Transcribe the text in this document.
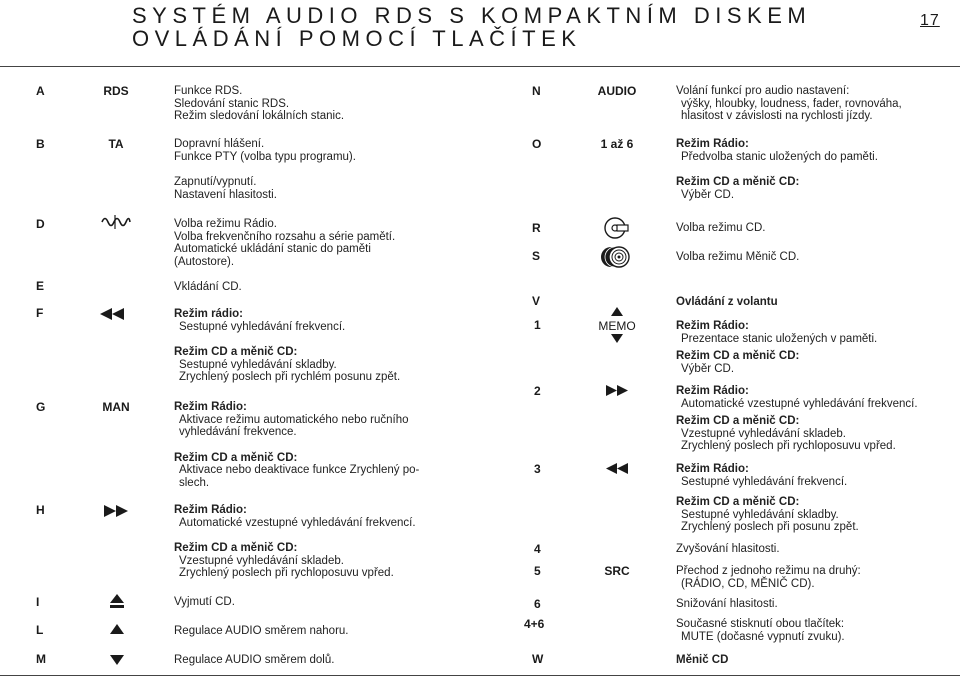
SYSTÉM AUDIO RDS S KOMPAKTNÍM DISKEM
OVLÁDÁNÍ POMOCÍ TLAČÍTEK
17
A	RDS	Funkce RDS.
Sledování stanic RDS.
Režim sledování lokálních stanic.
B	TA	Dopravní hlášení.
Funkce PTY (volba typu programu).
Zapnutí/vypnutí.
Nastavení hlasitosti.
D	Volba režimu Rádio.
Volba frekvenčního rozsahu a série pamětí.
Automatické ukládání stanic do paměti
(Autostore).
E	Vkládání CD.
F	Režim rádio:
Sestupné vyhledávání frekvencí.
Režim CD a měnič CD:
Sestupné vyhledávání skladby.
Zrychlený poslech při rychlém posunu zpět.
G	MAN	Režim Rádio:
Aktivace režimu automatického nebo ručního
vyhledávání frekvence.
Režim CD a měnič CD:
Aktivace nebo deaktivace funkce Zrychlený po-
slech.
H	Režim Rádio:
Automatické vzestupné vyhledávání frekvencí.
Režim CD a měnič CD:
Vzestupné vyhledávání skladeb.
Zrychlený poslech při rychloposuvu vpřed.
I	Vyjmutí CD.
L	Regulace AUDIO směrem nahoru.
M	Regulace AUDIO směrem dolů.
N	AUDIO	Volání funkcí pro audio nastavení:
výšky, hloubky, loudness, fader, rovnováha,
hlasitost v závislosti na rychlosti jízdy.
O	1 až 6	Režim Rádio:
Předvolba stanic uložených do paměti.
Režim CD a měnič CD:
Výběr CD.
R	Volba režimu CD.
S	Volba režimu Měnič CD.
V	Ovládání z volantu
1	MEMO	Režim Rádio:
Prezentace stanic uložených v paměti.
Režim CD a měnič CD:
Výběr CD.
2	Režim Rádio:
Automatické vzestupné vyhledávání frekvencí.
Režim CD a měnič CD:
Vzestupné vyhledávání skladeb.
Zrychlený poslech při rychloposuvu vpřed.
3	Režim Rádio:
Sestupné vyhledávání frekvencí.
Režim CD a měnič CD:
Sestupné vyhledávání skladby.
Zrychlený poslech při posunu zpět.
4	Zvyšování hlasitosti.
5	SRC	Přechod z jednoho režimu na druhý:
(RÁDIO, CD, MĚNIČ CD).
6	Snižování hlasitosti.
4+6	Současné stisknutí obou tlačítek:
MUTE (dočasné vypnutí zvuku).
W	Měnič CD
